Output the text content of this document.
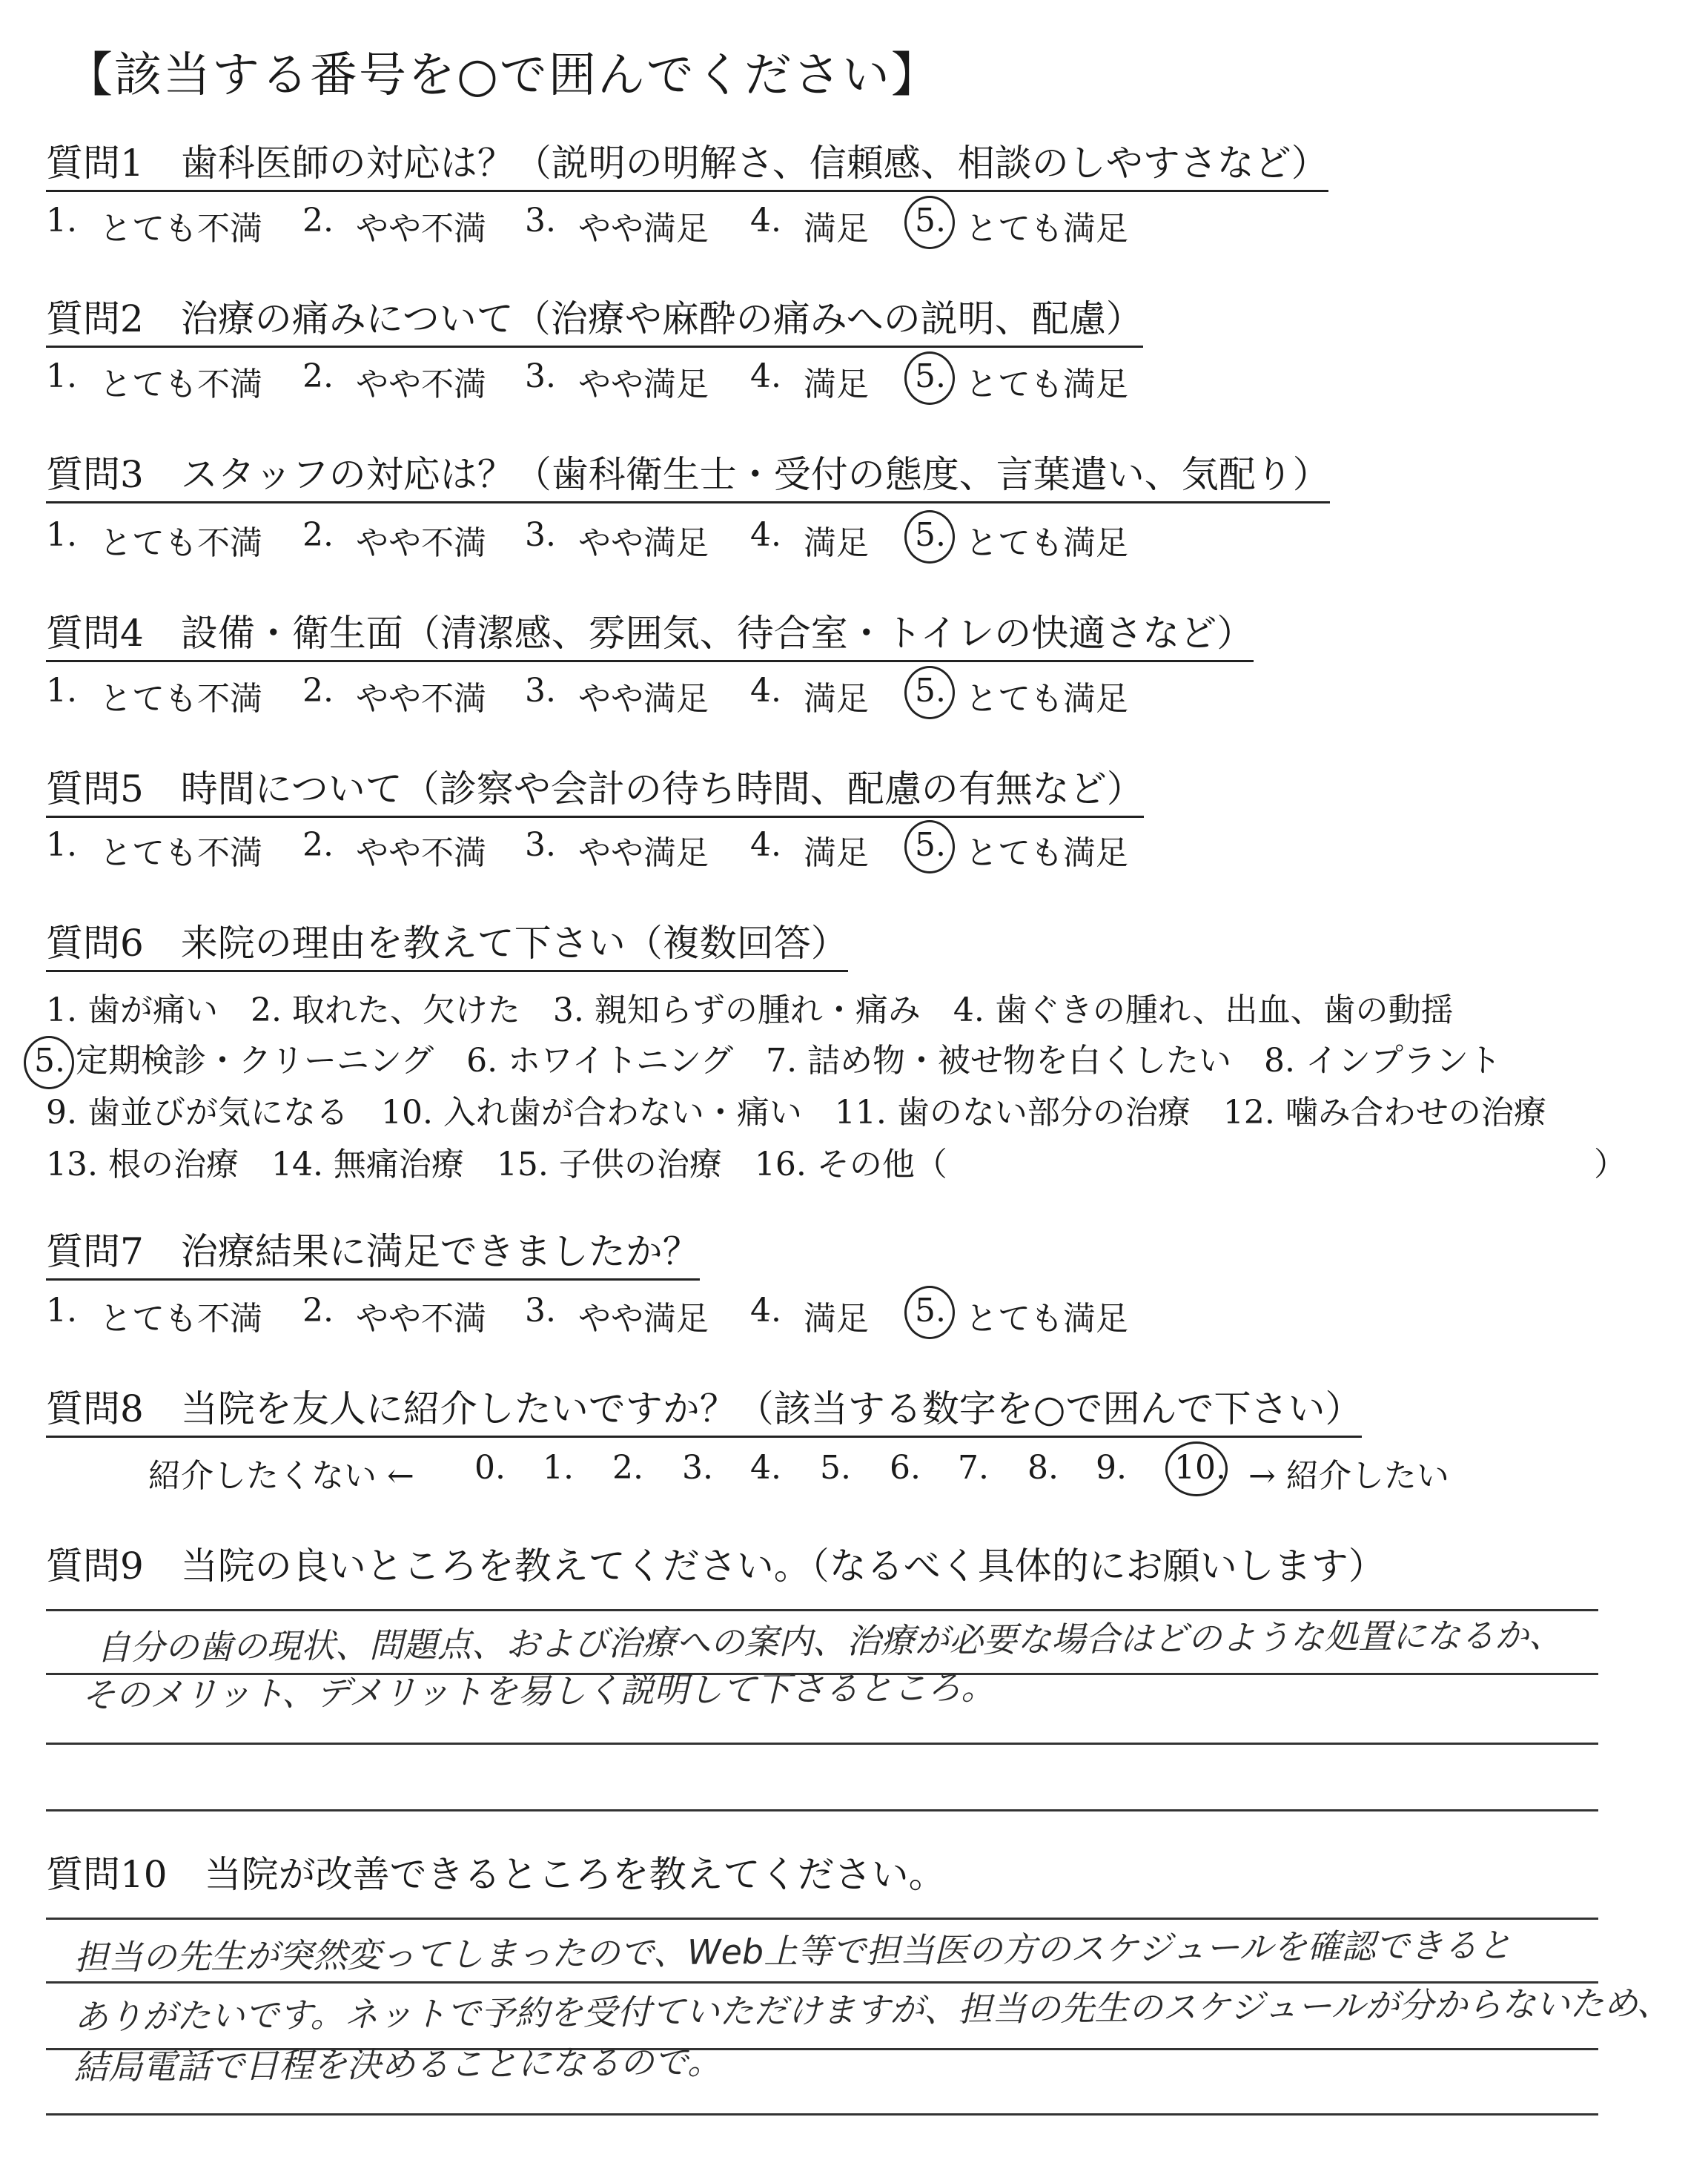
【該当する番号を○で囲んでください】
質問1　歯科医師の対応は？（説明の明解さ、信頼感、相談のしやすさなど）
1. とても不満 2. やや不満 3. やや満足 4. 満足 5. とても満足
質問2　治療の痛みについて（治療や麻酔の痛みへの説明、配慮）
1. とても不満 2. やや不満 3. やや満足 4. 満足 5. とても満足
質問3　スタッフの対応は？（歯科衛生士・受付の態度、言葉遣い、気配り）
1. とても不満 2. やや不満 3. やや満足 4. 満足 5. とても満足
質問4　設備・衛生面（清潔感、雰囲気、待合室・トイレの快適さなど）
1. とても不満 2. やや不満 3. やや満足 4. 満足 5. とても満足
質問5　時間について（診察や会計の待ち時間、配慮の有無など）
1. とても不満 2. やや不満 3. やや満足 4. 満足 5. とても満足
質問6　来院の理由を教えて下さい（複数回答）
1. 歯が痛い　2. 取れた、欠けた　3. 親知らずの腫れ・痛み　4. 歯ぐきの腫れ、出血、歯の動揺
5. 定期検診・クリーニング　6. ホワイトニング　7. 詰め物・被せ物を白くしたい　8. インプラント
9. 歯並びが気になる　10. 入れ歯が合わない・痛い　11. 歯のない部分の治療　12. 噛み合わせの治療
13. 根の治療　14. 無痛治療　15. 子供の治療　16. その他（	）
質問7　治療結果に満足できましたか？
1. とても不満 2. やや不満 3. やや満足 4. 満足 5. とても満足
質問8　当院を友人に紹介したいですか？（該当する数字を○で囲んで下さい）
紹介したくない ← 0. 1. 2. 3. 4. 5. 6. 7. 8. 9. 10. → 紹介したい
質問9　当院の良いところを教えてください。（なるべく具体的にお願いします）
自分の歯の現状、問題点、および治療への案内、治療が必要な場合はどのような処置になるか、
そのメリット、デメリットを易しく説明して下さるところ。
質問10　当院が改善できるところを教えてください。
担当の先生が突然変ってしまったので、Web上等で担当医の方のスケジュールを確認できると
ありがたいです。ネットで予約を受付ていただけますが、担当の先生のスケジュールが分からないため、
結局電話で日程を決めることになるので。
